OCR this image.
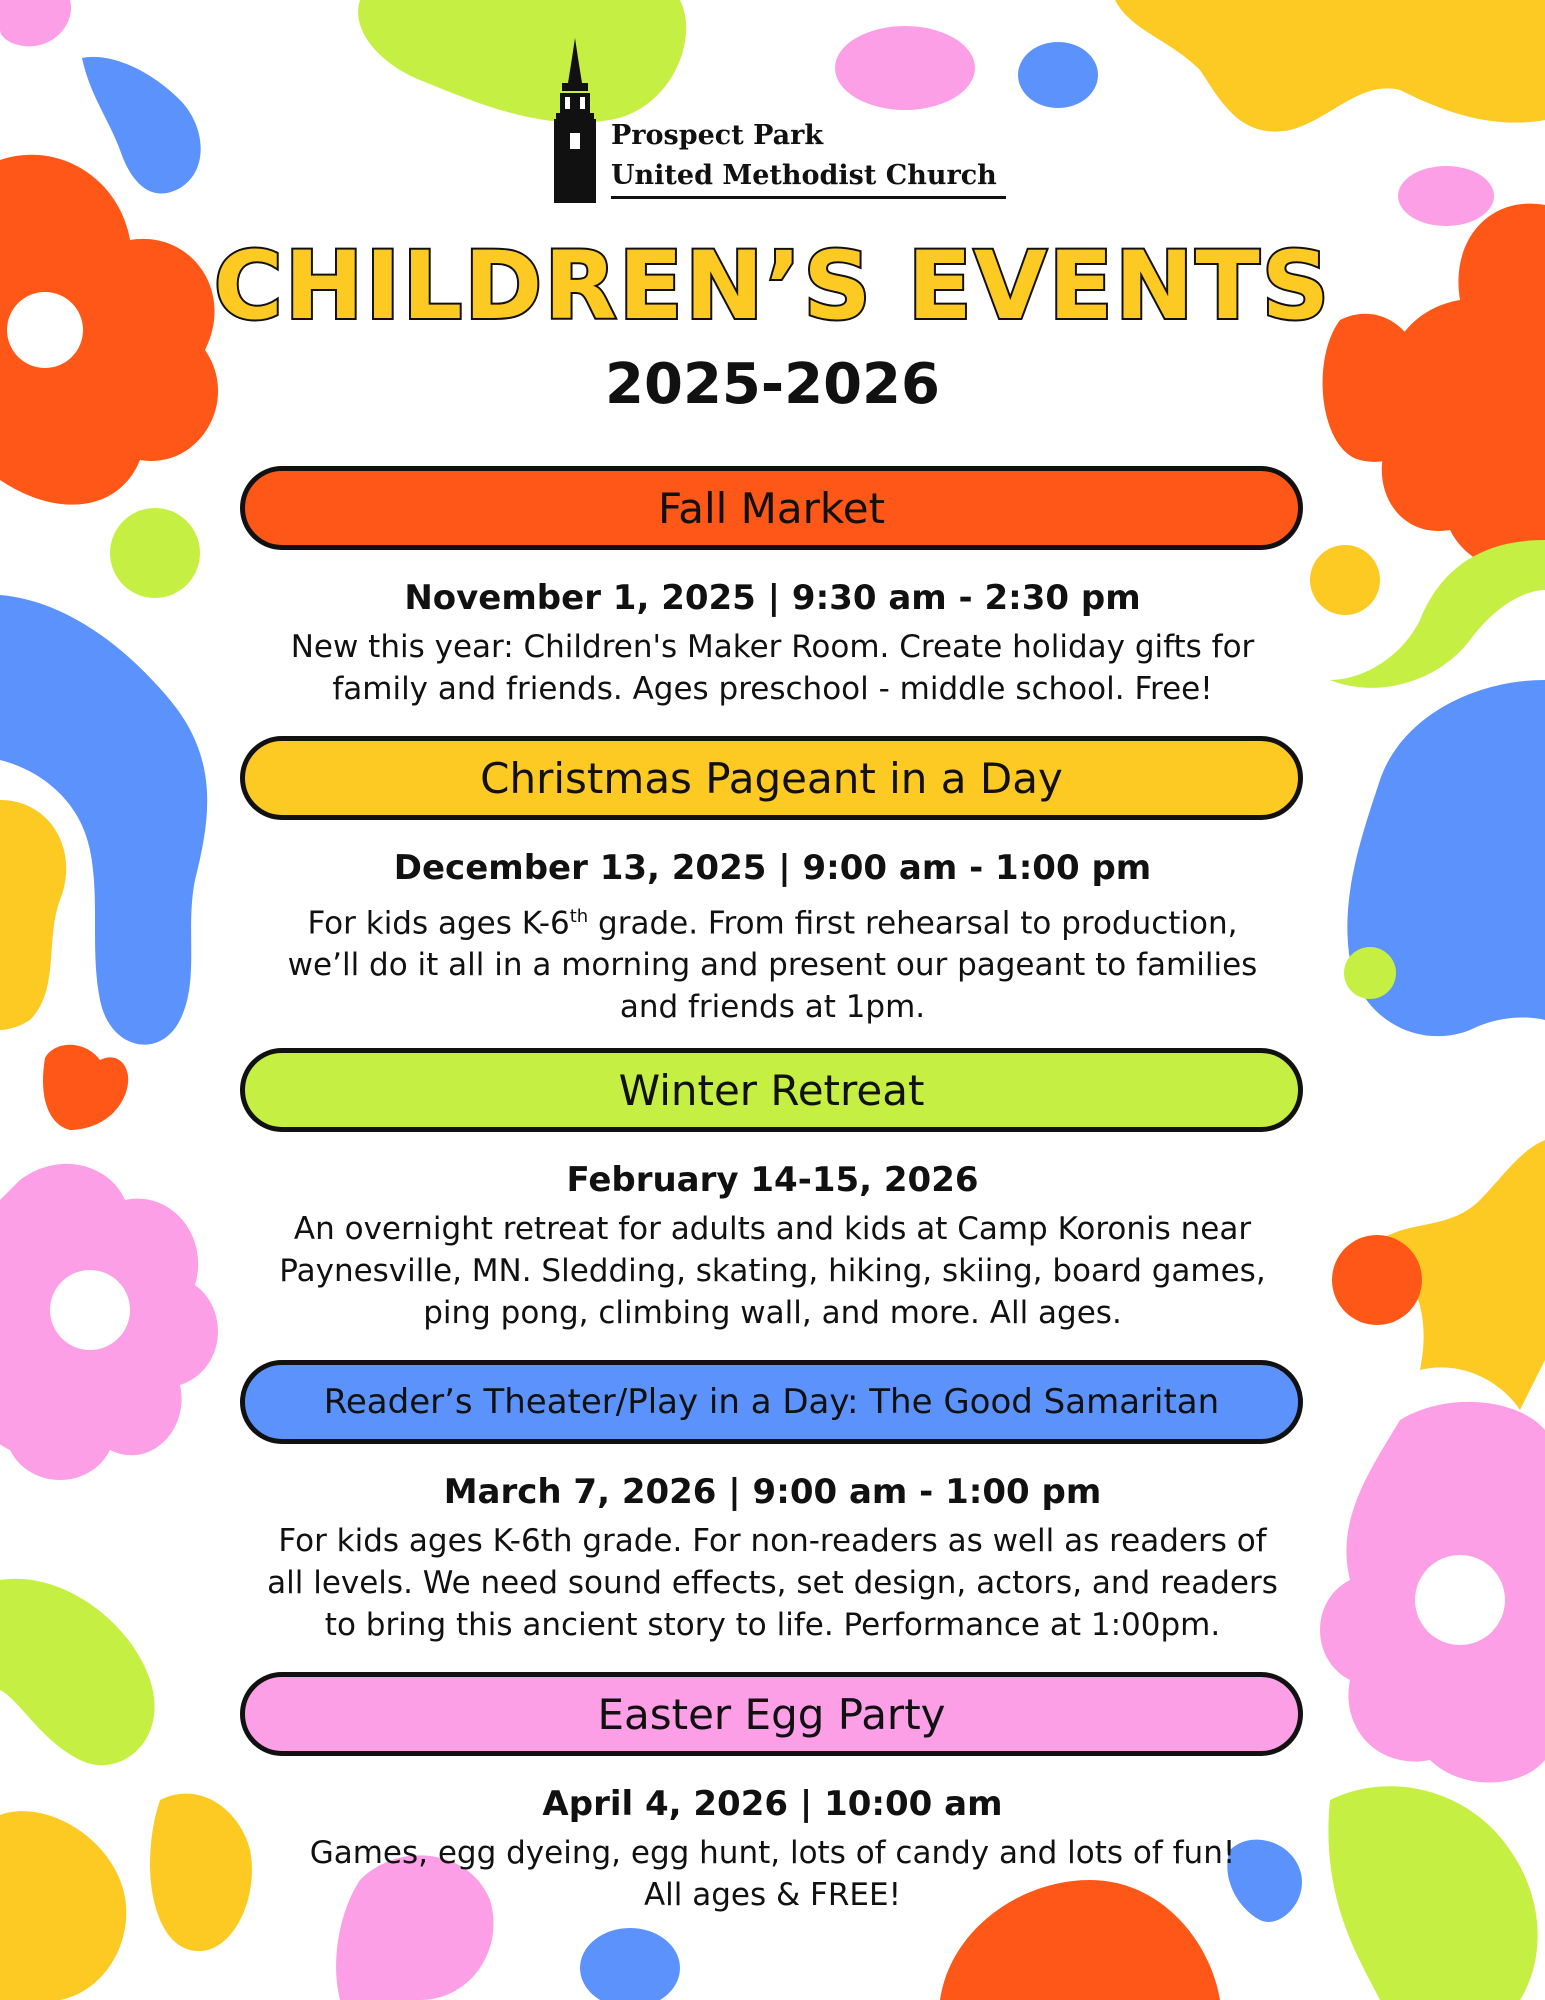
Prospect Park
United Methodist Church
CHILDREN’S EVENTS
2025-2026
Fall Market
November 1, 2025 | 9:30 am - 2:30 pm
New this year: Children's Maker Room. Create holiday gifts for
family and friends. Ages preschool - middle school. Free!
Christmas Pageant in a Day
December 13, 2025 | 9:00 am - 1:00 pm
For kids ages K-6th grade. From first rehearsal to production,
we’ll do it all in a morning and present our pageant to families
and friends at 1pm.
Winter Retreat
February 14-15, 2026
An overnight retreat for adults and kids at Camp Koronis near
Paynesville, MN. Sledding, skating, hiking, skiing, board games,
ping pong, climbing wall, and more. All ages.
Reader’s Theater/Play in a Day: The Good Samaritan
March 7, 2026 | 9:00 am - 1:00 pm
For kids ages K-6th grade. For non-readers as well as readers of
all levels. We need sound effects, set design, actors, and readers
to bring this ancient story to life. Performance at 1:00pm.
Easter Egg Party
April 4, 2026 | 10:00 am
Games, egg dyeing, egg hunt, lots of candy and lots of fun!
All ages & FREE!
